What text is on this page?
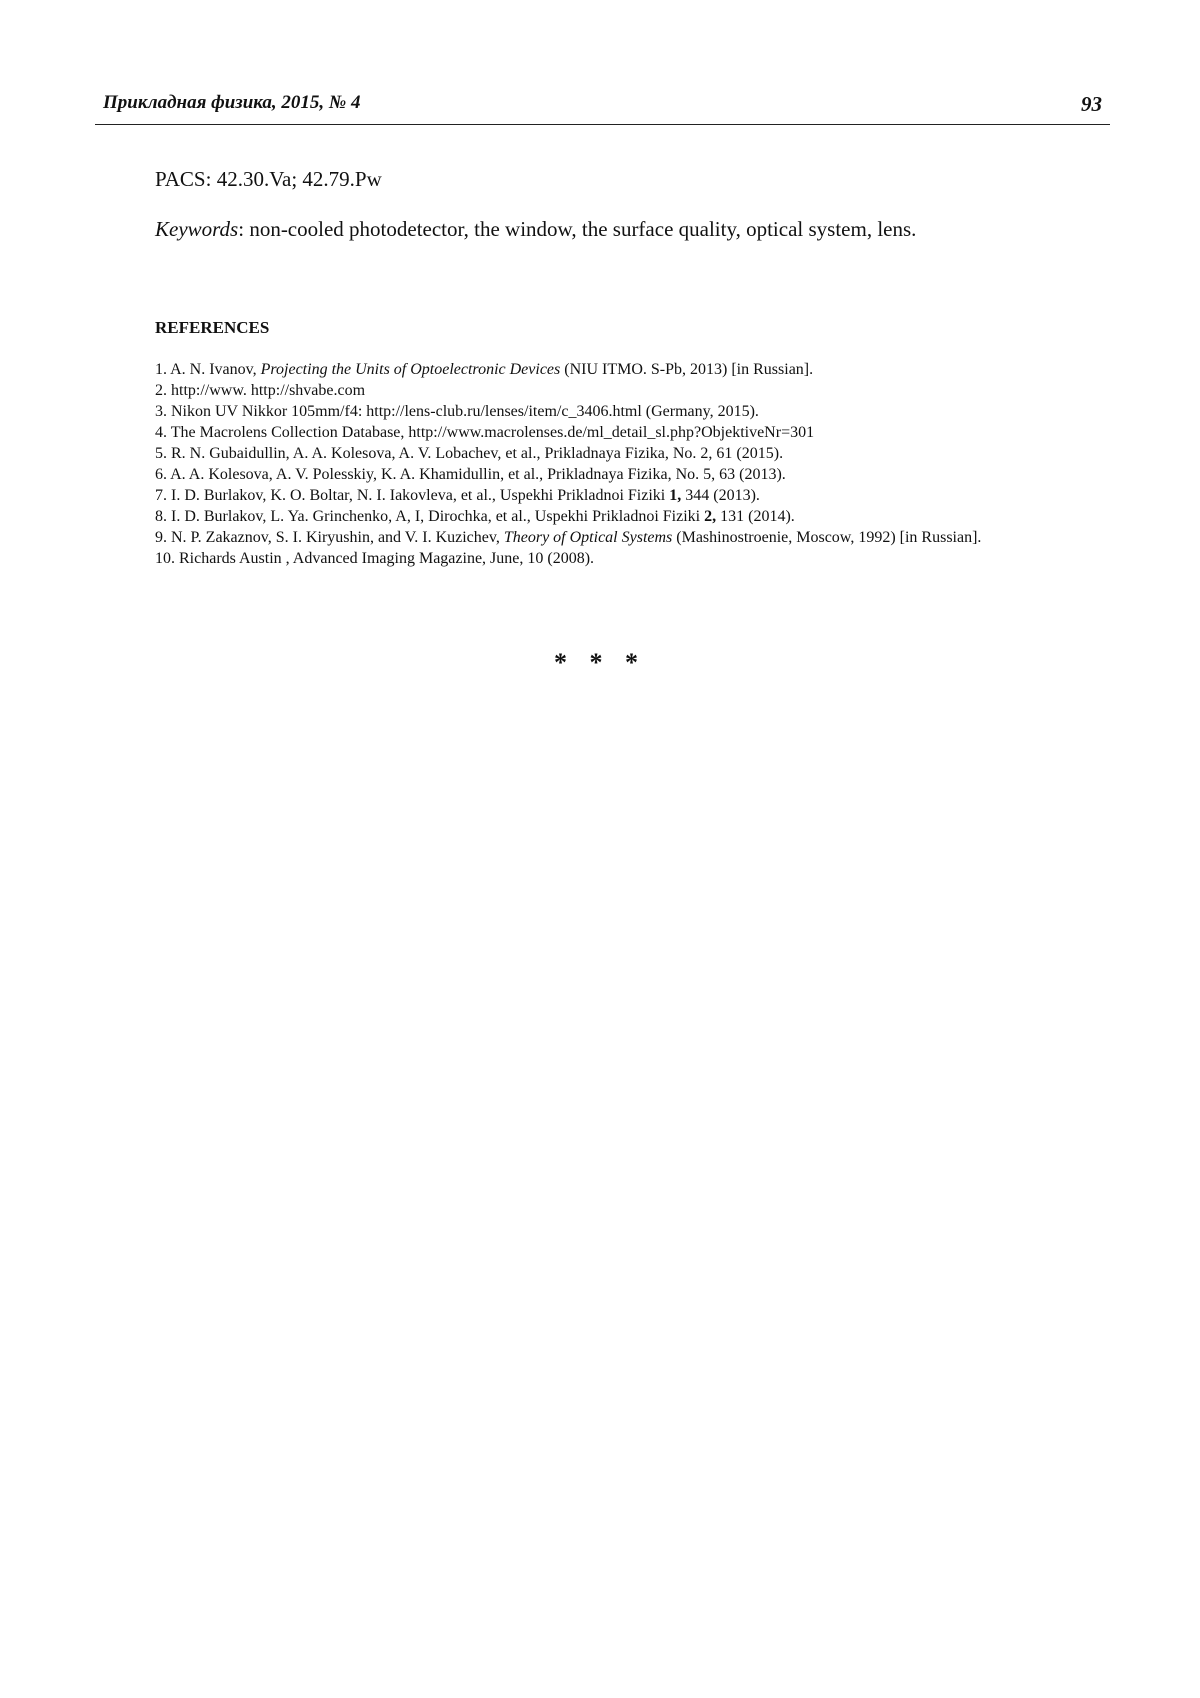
Прикладная физика, 2015, № 4	93
PACS: 42.30.Va; 42.79.Pw
Keywords: non-cooled photodetector, the window, the surface quality, optical system, lens.
REFERENCES
1. A. N. Ivanov, Projecting the Units of Optoelectronic Devices (NIU ITMO. S-Pb, 2013) [in Russian].
2. http://www. http://shvabe.com
3. Nikon UV Nikkor 105mm/f4: http://lens-club.ru/lenses/item/c_3406.html (Germany, 2015).
4. The Macrolens Collection Database, http://www.macrolenses.de/ml_detail_sl.php?ObjektiveNr=301
5. R. N. Gubaidullin, A. A. Kolesova, A. V. Lobachev, et al., Prikladnaya Fizika, No. 2, 61 (2015).
6. A. A. Kolesova, A. V. Polesskiy, K. A. Khamidullin, et al., Prikladnaya Fizika, No. 5, 63 (2013).
7. I. D. Burlakov, K. O. Boltar, N. I. Iakovleva, et al., Uspekhi Prikladnoi Fiziki 1, 344 (2013).
8. I. D. Burlakov, L. Ya. Grinchenko, A, I, Dirochka, et al., Uspekhi Prikladnoi Fiziki 2, 131 (2014).
9. N. P. Zakaznov, S. I. Kiryushin, and V. I. Kuzichev, Theory of Optical Systems (Mashinostroenie, Moscow, 1992) [in Russian].
10. Richards Austin , Advanced Imaging Magazine, June, 10 (2008).
* * *
